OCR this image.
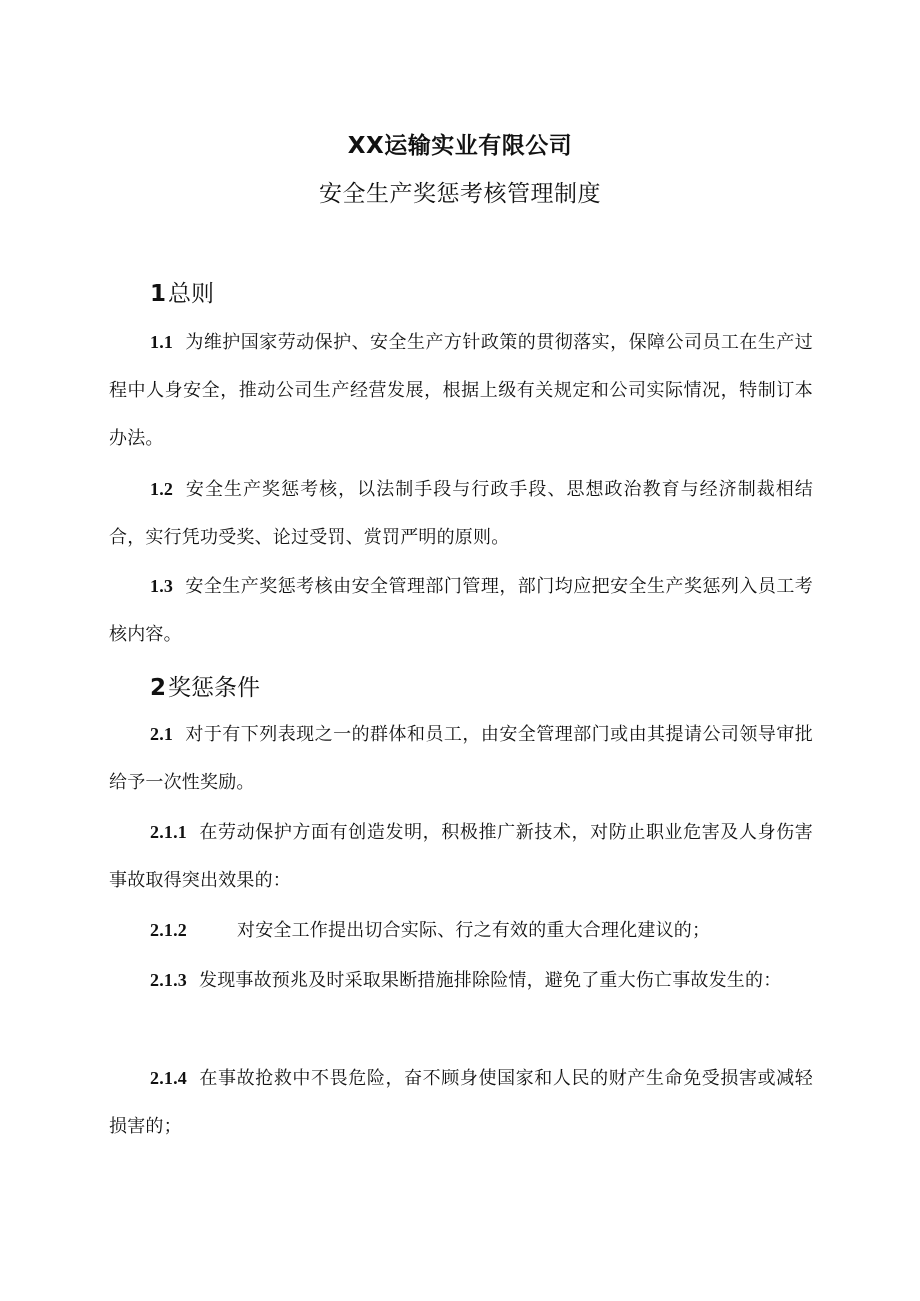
XX运输实业有限公司
安全生产奖惩考核管理制度
1总则
1.1 为维护国家劳动保护、安全生产方针政策的贯彻落实，保障公司员工在生产过程中人身安全，推动公司生产经营发展，根据上级有关规定和公司实际情况，特制订本办法。
1.2 安全生产奖惩考核，以法制手段与行政手段、思想政治教育与经济制裁相结合，实行凭功受奖、论过受罚、赏罚严明的原则。
1.3 安全生产奖惩考核由安全管理部门管理，部门均应把安全生产奖惩列入员工考核内容。
2奖惩条件
2.1 对于有下列表现之一的群体和员工，由安全管理部门或由其提请公司领导审批给予一次性奖励。
2.1.1 在劳动保护方面有创造发明，积极推广新技术，对防止职业危害及人身伤害事故取得突出效果的：
2.1.2	对安全工作提出切合实际、行之有效的重大合理化建议的；
2.1.3 发现事故预兆及时采取果断措施排除险情，避免了重大伤亡事故发生的：
2.1.4 在事故抢救中不畏危险，奋不顾身使国家和人民的财产生命免受损害或减轻损害的；
